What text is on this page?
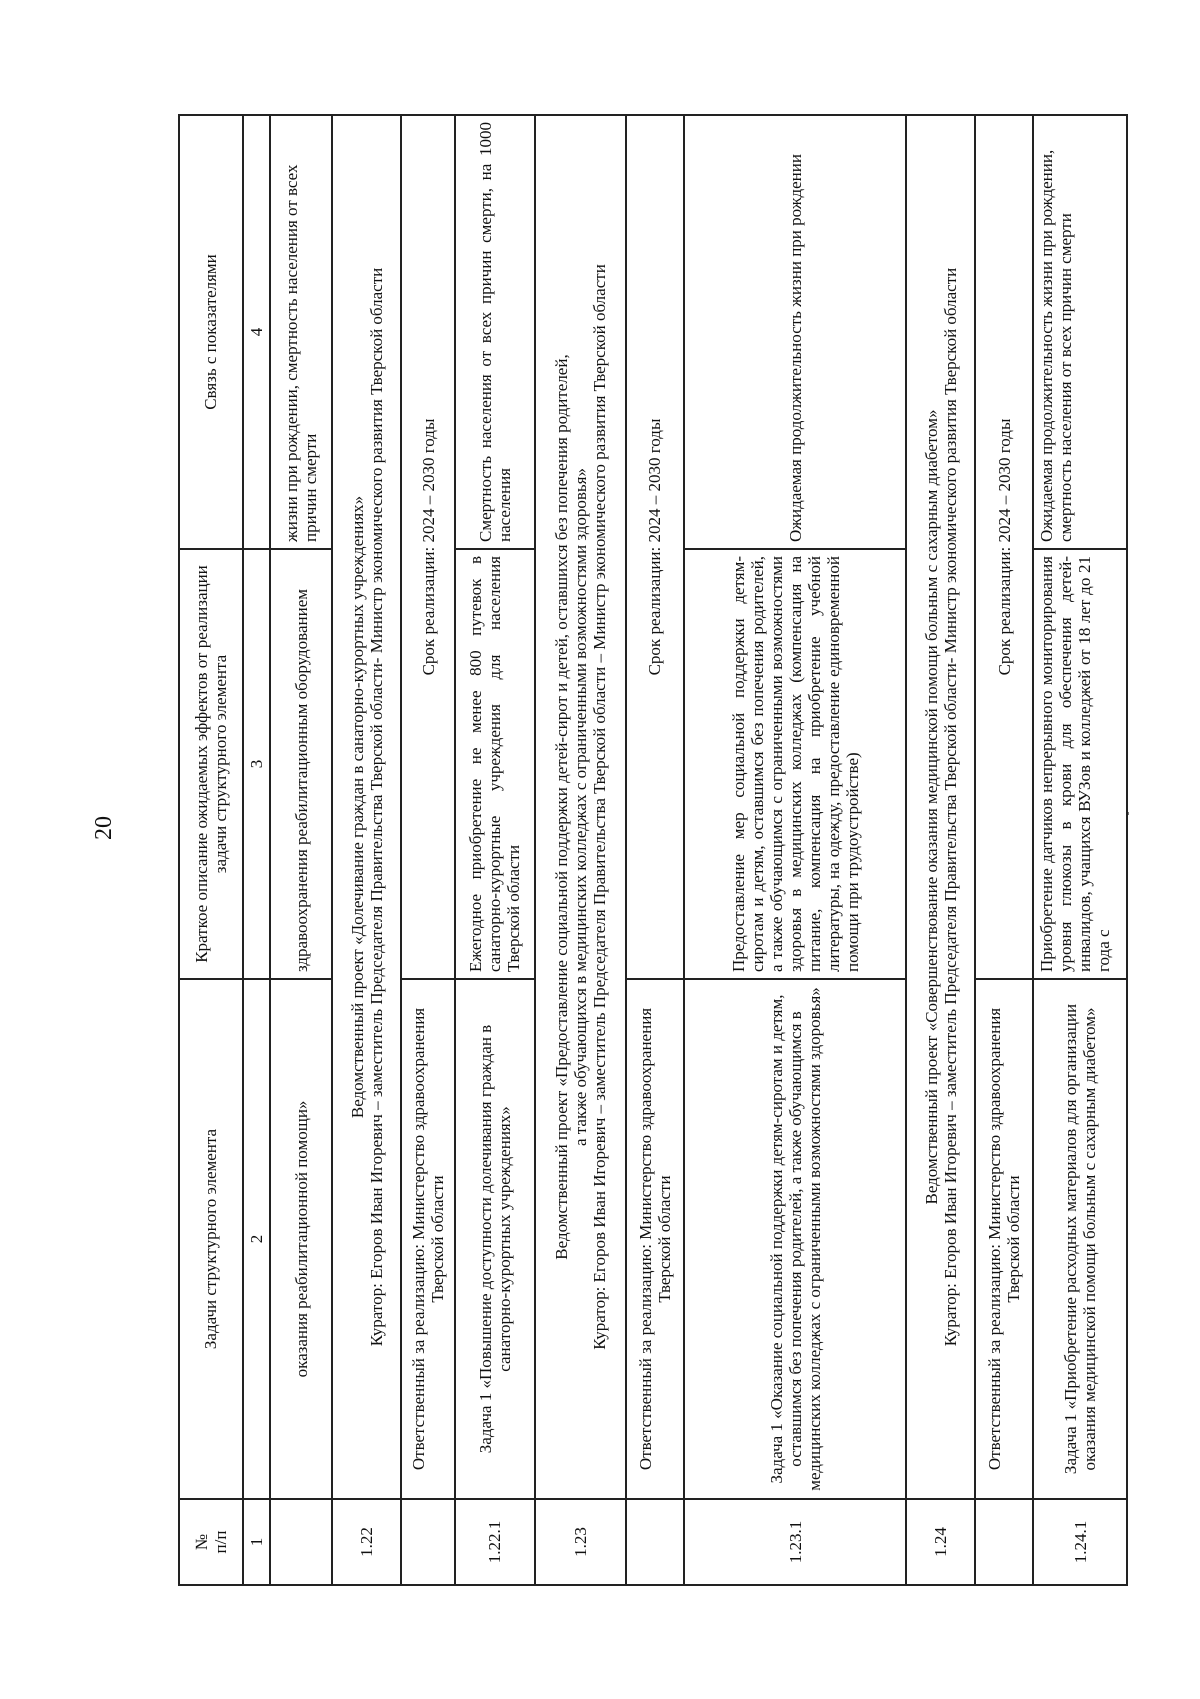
20
№
п/п	Задачи структурного элемента	Краткое описание ожидаемых эффектов от реализации задачи структурного элемента	Связь с показателями
1	2	3	4
	оказания реабилитационной помощи»	здравоохранения реабилитационным оборудованием	жизни при рождении, смертность населения от всех причин смерти
1.22	Ведомственный проект «Долечивание граждан в санаторно-курортных учреждениях» Куратор: Егоров Иван Игоревич – заместитель Председателя Правительства Тверской области- Министр экономического развития Тверской области		

	Ответственный за реализацию: Министерство здравоохранения Тверской области	Срок реализации: 2024 – 2030 годы	
1.22.1	Задача 1 «Повышение доступности долечивания граждан в санаторно-курортных учреждениях»	Ежегодное приобретение не менее 800 путевок в санаторно-курортные учреждения для населения Тверской области	Смертность населения от всех причин смерти, на 1000 населения
1.23	Ведомственный проект «Предоставление социальной поддержки детей-сирот и детей, оставшихся без попечения родителей, а также обучающихся в медицинских колледжах с ограниченными возможностями здоровья» Куратор: Егоров Иван Игоревич – заместитель Председателя Правительства Тверской области – Министр экономического развития Тверской области		

	Ответственный за реализацию: Министерство здравоохранения Тверской области	Срок реализации: 2024 – 2030 годы	
1.23.1	Задача 1 «Оказание социальной поддержки детям-сиротам и детям, оставшимся без попечения родителей, а также обучающимся в медицинских колледжах с ограниченными возможностями здоровья»	Предоставление мер социальной поддержки детям-сиротам и детям, оставшимся без попечения родителей, а также обучающимся с ограниченными возможностями здоровья в медицинских колледжах (компенсация на питание, компенсация на приобретение учебной литературы, на одежду, предоставление единовременной помощи при трудоустройстве)	Ожидаемая продолжительность жизни при рождении
1.24	Ведомственный проект «Совершенствование оказания медицинской помощи больным с сахарным диабетом» Куратор: Егоров Иван Игоревич – заместитель Председателя Правительства Тверской области- Министр экономического развития Тверской области		

	Ответственный за реализацию: Министерство здравоохранения Тверской области	Срок реализации: 2024 – 2030 годы	
1.24.1	Задача 1 «Приобретение расходных материалов для организации оказания медицинской помощи больным с сахарным диабетом»	Приобретение датчиков непрерывного мониторирования уровня глюкозы в крови для обеспечения детей-инвалидов, учащихся ВУЗов и колледжей от 18 лет до 21 года с	Ожидаемая продолжительность жизни при рождении, смертность населения от всех причин смерти
